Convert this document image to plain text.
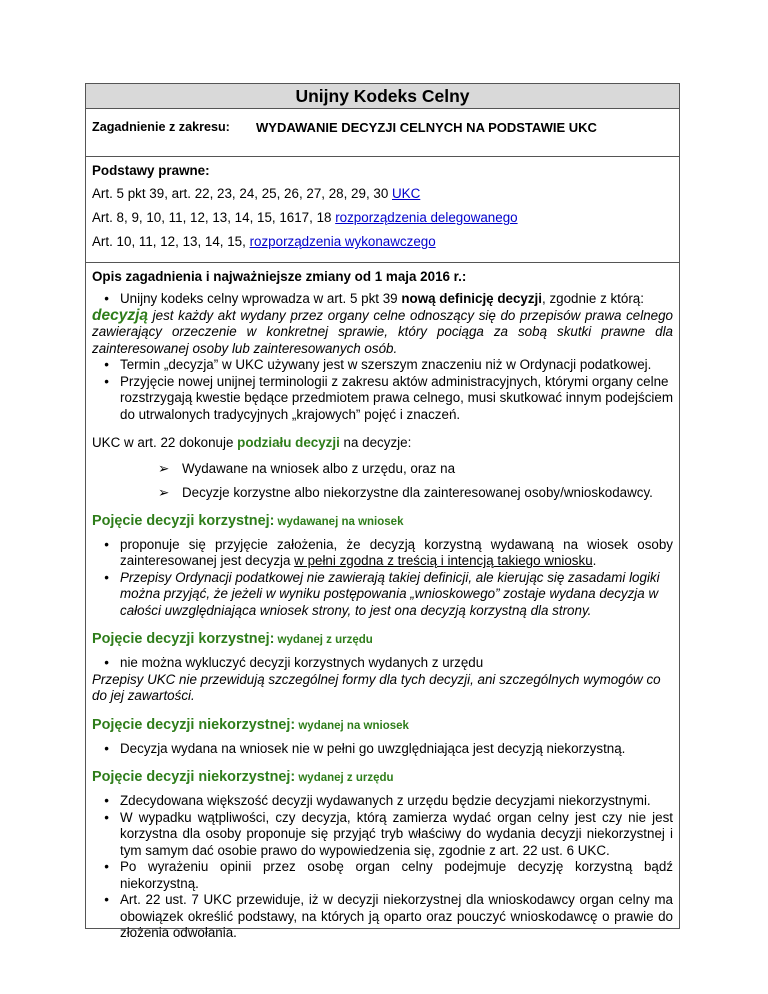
Unijny Kodeks Celny
Zagadnienie z zakresu:	WYDAWANIE DECYZJI CELNYCH NA PODSTAWIE UKC
Podstawy prawne:
Art. 5 pkt 39, art. 22, 23, 24, 25, 26, 27, 28, 29, 30 UKC
Art. 8, 9, 10, 11, 12, 13, 14, 15, 1617, 18 rozporządzenia delegowanego
Art. 10, 11, 12, 13, 14, 15, rozporządzenia wykonawczego
Opis zagadnienia i najważniejsze zmiany od 1 maja 2016 r.:
• Unijny kodeks celny wprowadza w art. 5 pkt 39 nową definicję decyzji, zgodnie z którą:
decyzją jest każdy akt wydany przez organy celne odnoszący się do przepisów prawa celnego zawierający orzeczenie w konkretnej sprawie, który pociąga za sobą skutki prawne dla zainteresowanej osoby lub zainteresowanych osób.
• Termin „decyzja” w UKC używany jest w szerszym znaczeniu niż w Ordynacji podatkowej.
• Przyjęcie nowej unijnej terminologii z zakresu aktów administracyjnych, którymi organy celne rozstrzygają kwestie będące przedmiotem prawa celnego, musi skutkować innym podejściem do utrwalonych tradycyjnych „krajowych” pojęć i znaczeń.
UKC w art. 22 dokonuje podziału decyzji na decyzje:
➢ Wydawane na wniosek albo z urzędu, oraz na
➢ Decyzje korzystne albo niekorzystne dla zainteresowanej osoby/wnioskodawcy.
Pojęcie decyzji korzystnej: wydawanej na wniosek
• proponuje się przyjęcie założenia, że decyzją korzystną wydawaną na wiosek osoby zainteresowanej jest decyzja w pełni zgodna z treścią i intencją takiego wniosku.
• Przepisy Ordynacji podatkowej nie zawierają takiej definicji, ale kierując się zasadami logiki można przyjąć, że jeżeli w wyniku postępowania „wnioskowego” zostaje wydana decyzja w całości uwzględniająca wniosek strony, to jest ona decyzją korzystną dla strony.
Pojęcie decyzji korzystnej: wydanej z urzędu
• nie można wykluczyć decyzji korzystnych wydanych z urzędu
Przepisy UKC nie przewidują szczególnej formy dla tych decyzji, ani szczególnych wymogów co do jej zawartości.
Pojęcie decyzji niekorzystnej: wydanej na wniosek
• Decyzja wydana na wniosek nie w pełni go uwzględniająca jest decyzją niekorzystną.
Pojęcie decyzji niekorzystnej: wydanej z urzędu
• Zdecydowana większość decyzji wydawanych z urzędu będzie decyzjami niekorzystnymi.
• W wypadku wątpliwości, czy decyzja, którą zamierza wydać organ celny jest czy nie jest korzystna dla osoby proponuje się przyjąć tryb właściwy do wydania decyzji niekorzystnej i tym samym dać osobie prawo do wypowiedzenia się, zgodnie z art. 22 ust. 6 UKC.
• Po wyrażeniu opinii przez osobę organ celny podejmuje decyzję korzystną bądź niekorzystną.
• Art. 22 ust. 7 UKC przewiduje, iż w decyzji niekorzystnej dla wnioskodawcy organ celny ma obowiązek określić podstawy, na których ją oparto oraz pouczyć wnioskodawcę o prawie do złożenia odwołania.
